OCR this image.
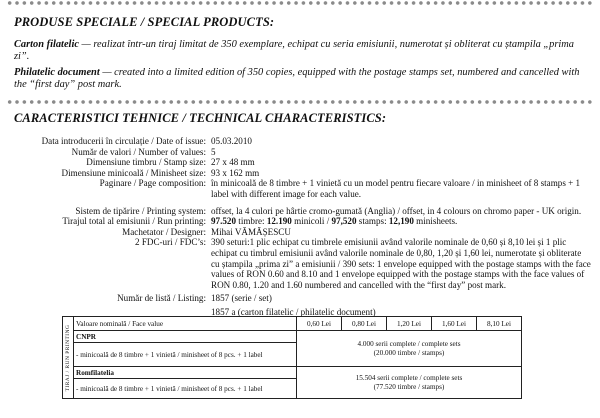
PRODUSE SPECIALE / SPECIAL PRODUCTS:
Carton filatelic — realizat într-un tiraj limitat de 350 exemplare, echipat cu seria emisiunii, numerotat și obliterat cu ștampila „prima zi”.
Philatelic document — created into a limited edition of 350 copies, equipped with the postage stamps set, numbered and cancelled with the “first day” post mark.
CARACTERISTICI TEHNICE / TECHNICAL CHARACTERISTICS:
Data introducerii în circulație / Date of issue: 05.03.2010
Număr de valori / Number of values: 5
Dimensiune timbru / Stamp size: 27 x 48 mm
Dimensiune minicoală / Minisheet size: 93 x 162 mm
Paginare / Page composition: în minicoală de 8 timbre + 1 vinietă cu un model pentru fiecare valoare / in minisheet of 8 stamps + 1 label with different image for each value.
Sistem de tipărire / Printing system: offset, la 4 culori pe hârtie cromo-gumată (Anglia) / offset, in 4 colours on chromo paper - UK origin.
Tirajul total al emisiunii / Run printing: 97.520 timbre: 12.190 minicoli / 97,520 stamps: 12,190 minisheets.
Machetator / Designer: Mihai VĂMĂȘESCU
2 FDC-uri / FDC’s: 390 seturi:1 plic echipat cu timbrele emisiunii având valorile nominale de 0,60 și 8,10 lei și 1 plic echipat cu timbrul emisiunii având valorile nominale de 0,80, 1,20 și 1,60 lei, numerotate și obliterate cu ștampila „prima zi” a emisiunii / 390 sets: 1 envelope equipped with the postage stamps with the face values of RON 0.60 and 8.10 and 1 envelope equipped with the postage stamps with the face values of RON 0.80, 1.20 and 1.60 numbered and cancelled with the “first day” post mark.
Număr de listă / Listing: 1857 (serie / set)
1857 a (carton filatelic / philatelic document)
TIRAJ / RUN PRINTING	Valoare nominală / Face value	0,60 Lei	0,80 Lei	1,20 Lei	1,60 Lei	8,10 Lei
	CNPR	4.000 serii complete / complete sets
(20.000 timbre / stamps)				

	- minicoală de 8 timbre + 1 vinietă / minisheet of 8 pcs. + 1 label					
	Romfilatelia	15.504 serii complete / complete sets
(77.520 timbre / stamps)				

	- minicoală de 8 timbre + 1 vinietă / minisheet of 8 pcs. + 1 label					
